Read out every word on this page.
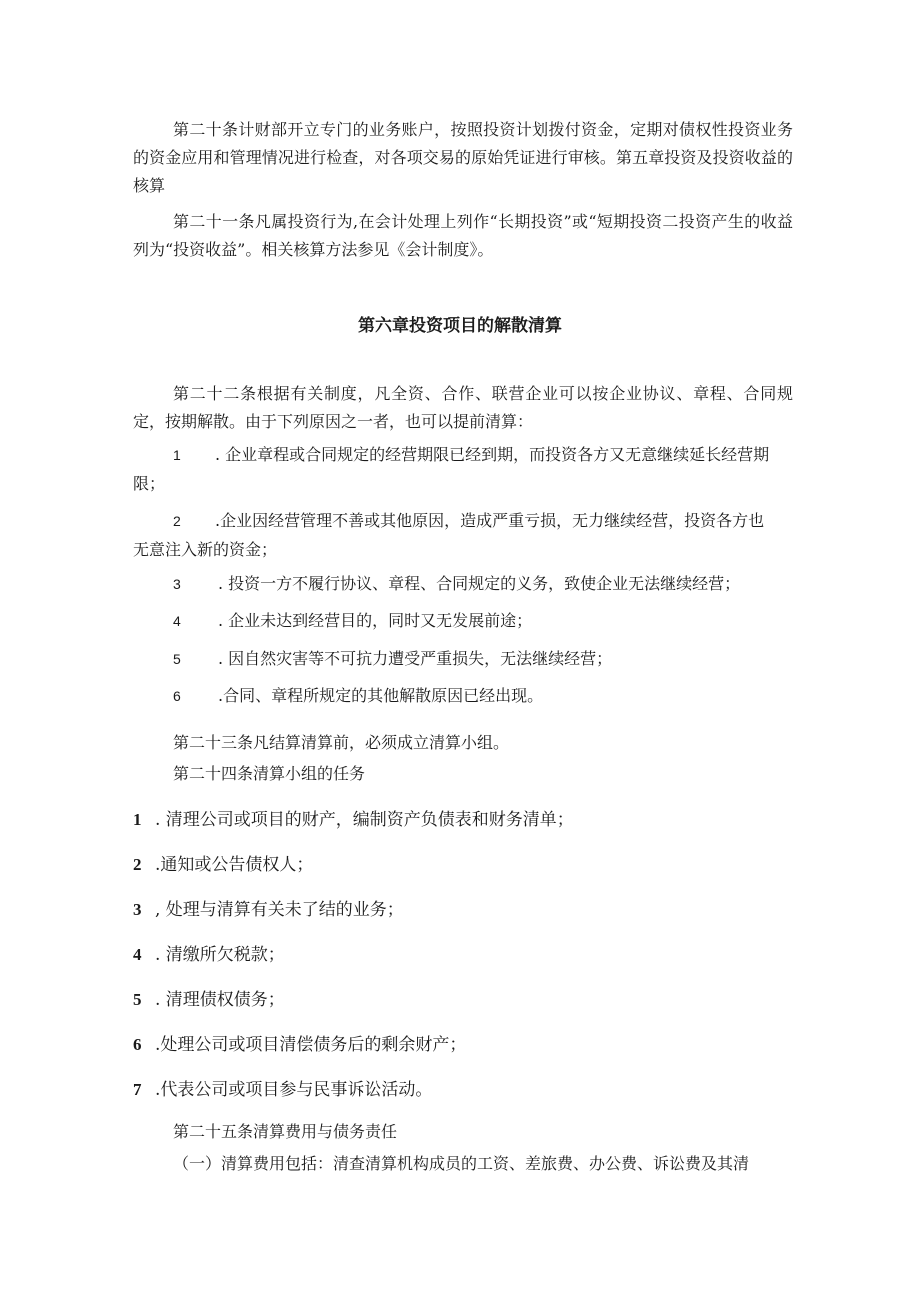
第二十条计财部开立专门的业务账户，按照投资计划拨付资金，定期对债权性投资业务的资金应用和管理情况进行检查，对各项交易的原始凭证进行审核。第五章投资及投资收益的核算

第二十一条凡属投资行为,在会计处理上列作“长期投资”或“短期投资二投资产生的收益列为“投资收益”。相关核算方法参见《会计制度》。

第六章投资项目的解散清算

第二十二条根据有关制度，凡全资、合作、联营企业可以按企业协议、章程、合同规定，按期解散。由于下列原因之一者，也可以提前清算：

1 . 企业章程或合同规定的经营期限已经到期，而投资各方又无意继续延长经营期
限；
2 .企业因经营管理不善或其他原因，造成严重亏损，无力继续经营，投资各方也
无意注入新的资金；
3 . 投资一方不履行协议、章程、合同规定的义务，致使企业无法继续经营；
4 . 企业未达到经营目的，同时又无发展前途；
5 . 因自然灾害等不可抗力遭受严重损失，无法继续经营；
6 .合同、章程所规定的其他解散原因已经出现。

第二十三条凡结算清算前，必须成立清算小组。

第二十四条清算小组的任务

1 . 清理公司或项目的财产，编制资产负债表和财务清单；
2 .通知或公告债权人；
3 , 处理与清算有关未了结的业务；
4 . 清缴所欠税款；
5 . 清理债权债务；
6 .处理公司或项目清偿债务后的剩余财产；
7 .代表公司或项目参与民事诉讼活动。

第二十五条清算费用与债务责任

（一）清算费用包括：清查清算机构成员的工资、差旅费、办公费、诉讼费及其清
